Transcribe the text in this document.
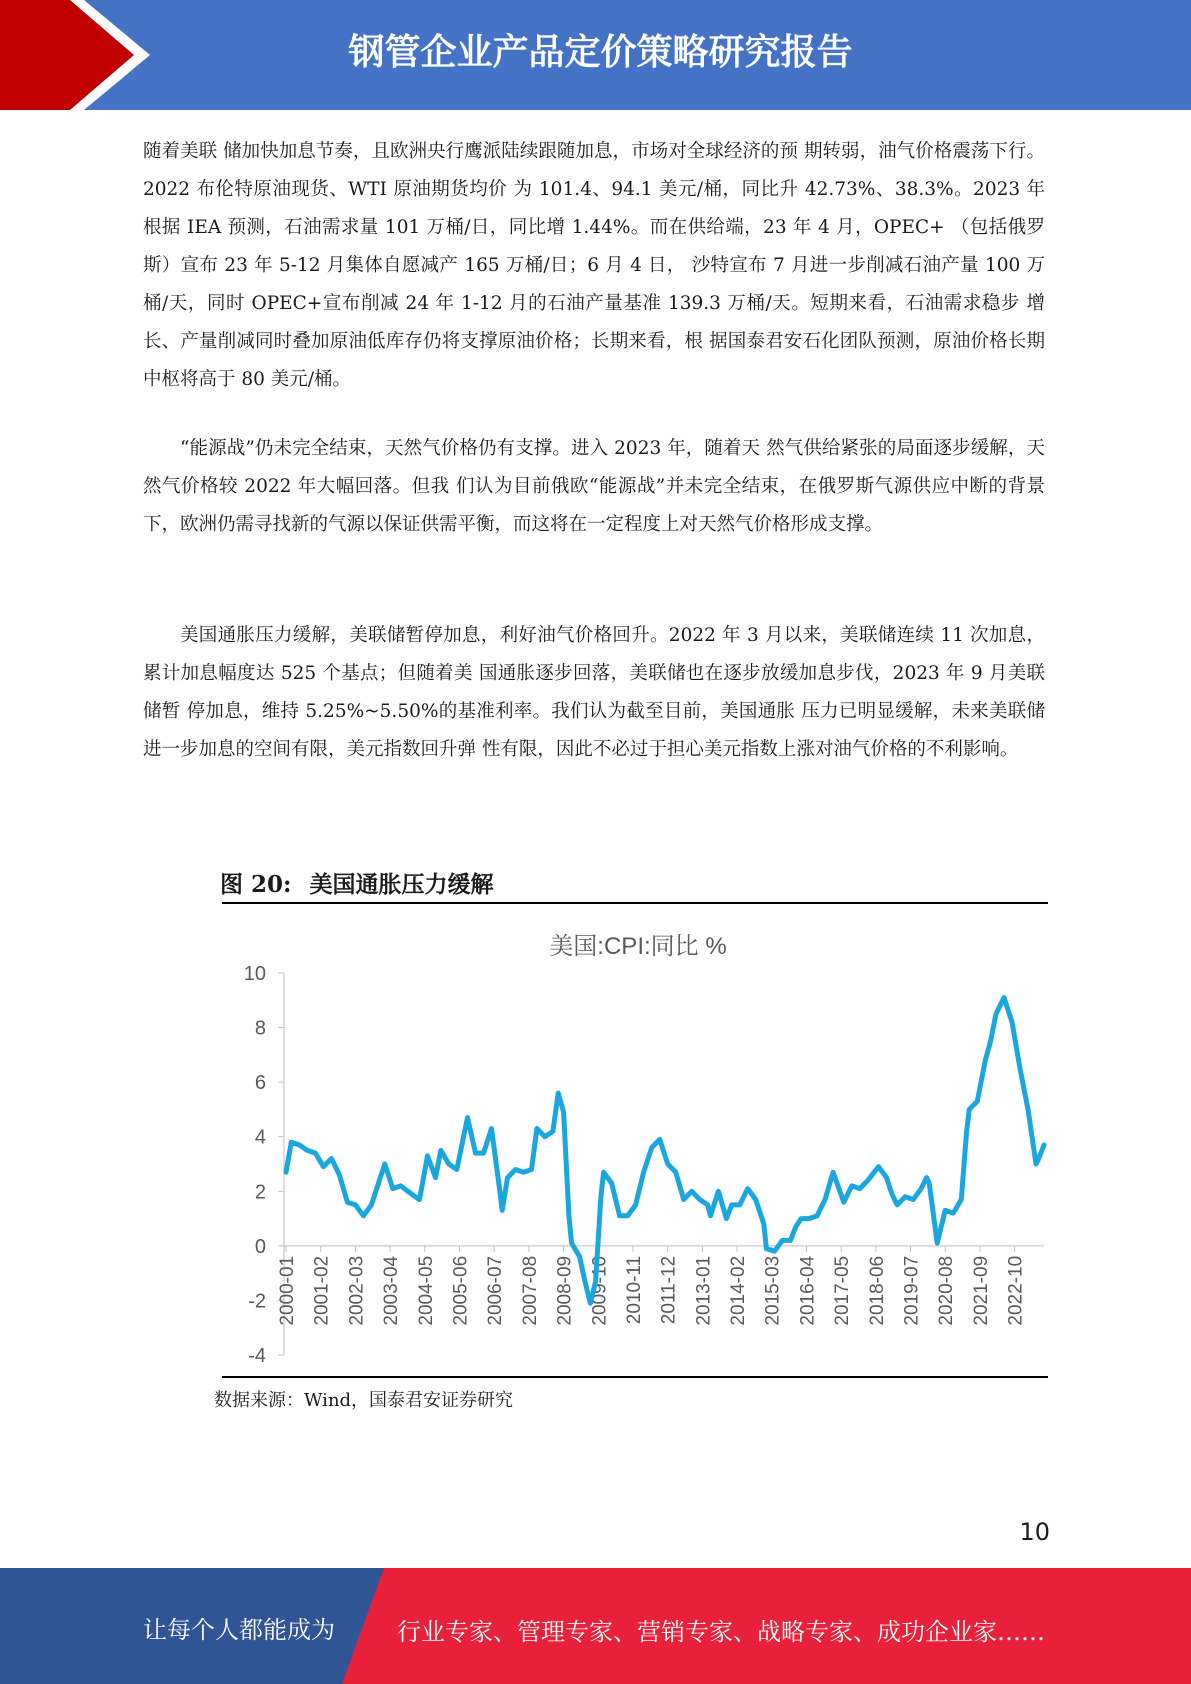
钢管企业产品定价策略研究报告

随着美联 储加快加息节奏，且欧洲央行鹰派陆续跟随加息，市场对全球经济的预 期转弱，油气价格震荡下行。2022 布伦特原油现货、WTI 原油期货均价 为 101.4、94.1 美元/桶，同比升 42.73%、38.3%。2023 年根据 IEA 预测，石油需求量 101 万桶/日，同比增 1.44%。而在供给端，23 年 4 月，OPEC+ （包括俄罗斯）宣布 23 年 5-12 月集体自愿减产 165 万桶/日；6 月 4 日， 沙特宣布 7 月进一步削减石油产量 100 万桶/天，同时 OPEC+宣布削减 24 年 1-12 月的石油产量基准 139.3 万桶/天。短期来看，石油需求稳步 增长、产量削减同时叠加原油低库存仍将支撑原油价格；长期来看，根 据国泰君安石化团队预测，原油价格长期中枢将高于 80 美元/桶。

“能源战”仍未完全结束，天然气价格仍有支撑。进入 2023 年，随着天 然气供给紧张的局面逐步缓解，天然气价格较 2022 年大幅回落。但我 们认为目前俄欧“能源战”并未完全结束，在俄罗斯气源供应中断的背景 下，欧洲仍需寻找新的气源以保证供需平衡，而这将在一定程度上对天然气价格形成支撑。

美国通胀压力缓解，美联储暂停加息，利好油气价格回升。2022 年 3 月以来，美联储连续 11 次加息，累计加息幅度达 525 个基点；但随着美 国通胀逐步回落，美联储也在逐步放缓加息步伐，2023 年 9 月美联储暂 停加息，维持 5.25%~5.50%的基准利率。我们认为截至目前，美国通胀 压力已明显缓解，未来美联储进一步加息的空间有限，美元指数回升弹 性有限，因此不必过于担心美元指数上涨对油气价格的不利影响。

图 20: 美国通胀压力缓解
美国:CPI:同比 %
-4
-2
0
2
4
6
8
10
2000-01 2001-02 2002-03 2003-04 2004-05 2005-06 2006-07 2007-08 2008-09 2009-10 2010-11 2011-12 2013-01 2014-02 2015-03 2016-04 2017-05 2018-06 2019-07 2020-08 2021-09 2022-10
数据来源：Wind，国泰君安证券研究
10
让每个人都能成为	行业专家、管理专家、营销专家、战略专家、成功企业家……
